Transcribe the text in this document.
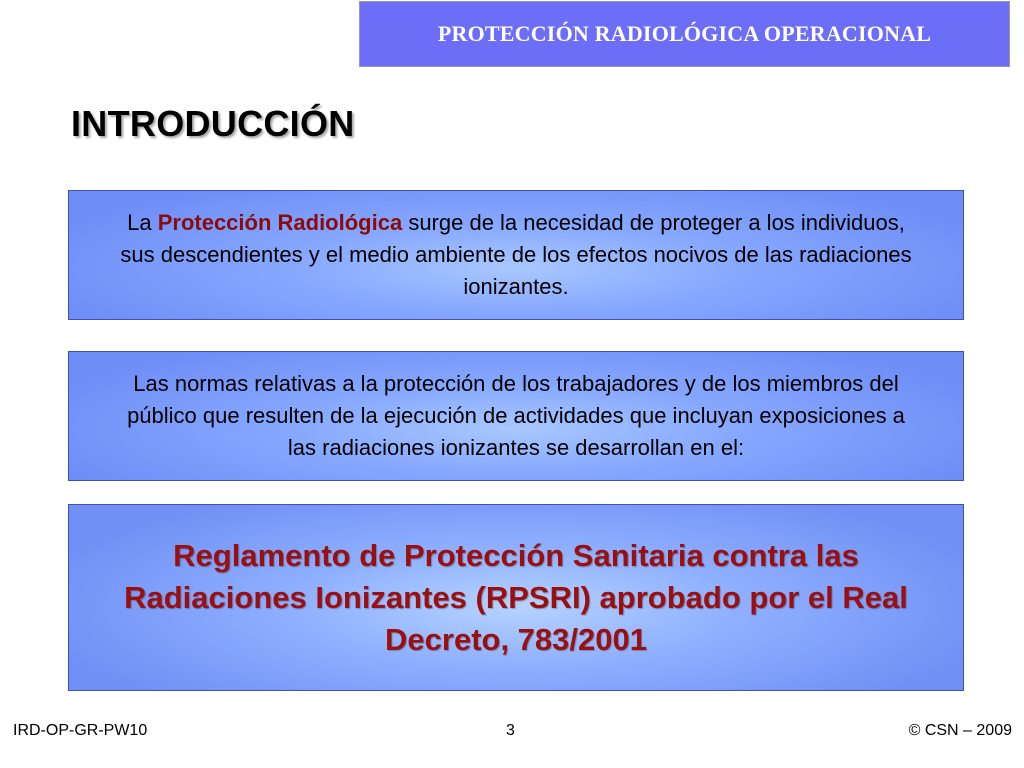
PROTECCIÓN RADIOLÓGICA OPERACIONAL
INTRODUCCIÓN
La Protección Radiológica surge de la necesidad de proteger a los individuos, sus descendientes y el medio ambiente de los efectos nocivos de las radiaciones ionizantes.
Las normas relativas a la protección de los trabajadores y de los miembros del público que resulten de la ejecución de actividades que incluyan exposiciones a las radiaciones ionizantes se desarrollan en el:
Reglamento de Protección Sanitaria contra las Radiaciones Ionizantes (RPSRI) aprobado por el Real Decreto, 783/2001
IRD-OP-GR-PW10	3	© CSN – 2009
